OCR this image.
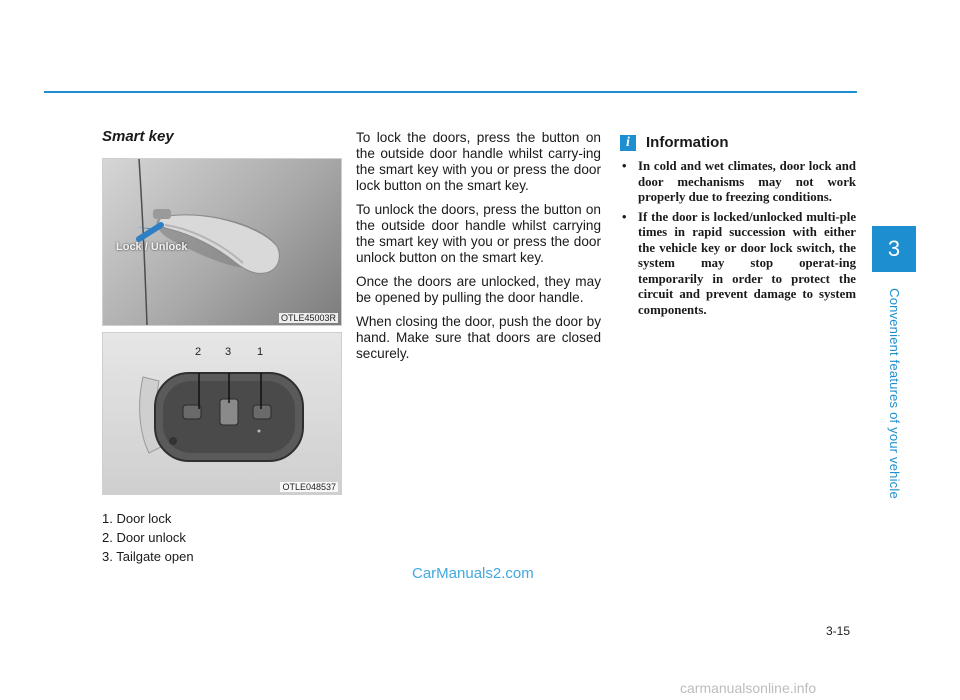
3
Convenient features of your vehicle
Smart key
Lock / Unlock
OTLE45003R
2 3 1
OTLE048537
1. Door lock
2. Door unlock
3. Tailgate open

To lock the doors, press the button on the outside door handle whilst carry-ing the smart key with you or press the door lock button on the smart key.

To unlock the doors, press the button on the outside door handle whilst carrying the smart key with you or press the door unlock button on the smart key.

Once the doors are unlocked, they may be opened by pulling the door handle.

When closing the door, push the door by hand. Make sure that doors are closed securely.

i	Information
• In cold and wet climates, door lock and door mechanisms may not work properly due to freezing conditions.
• If the door is locked/unlocked multi-ple times in rapid succession with either the vehicle key or door lock switch, the system may stop operat-ing temporarily in order to protect the circuit and prevent damage to system components.
CarManuals2.com
3-15
carmanualsonline.info
